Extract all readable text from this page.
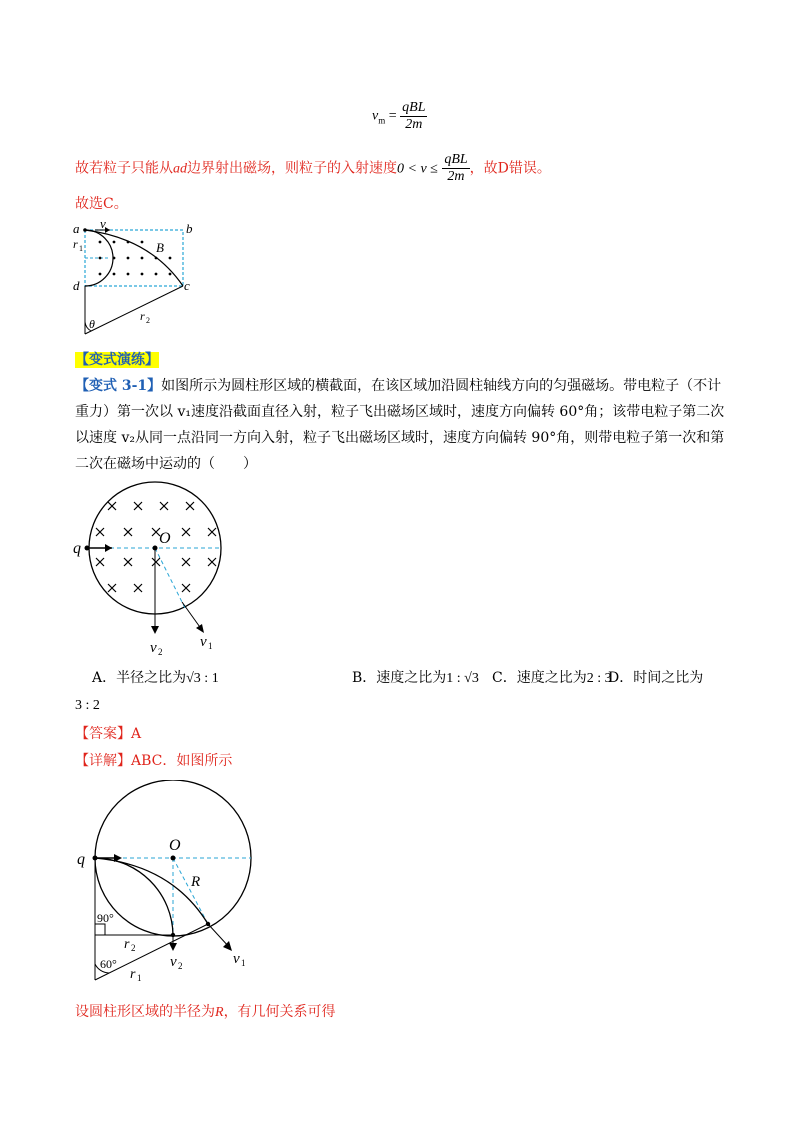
$v_m = \frac{\text{qBL}}{2m}$
故若粒子只能从ad边界射出磁场，则粒子的入射速度$0 < v \le \frac{\text{qBL}}{2m}$ ，故D错误。
故选C。
a	b
c
d
v
B
r 1
r 2
θ
【变式演练】
【变式 3-1】如图所示为圆柱形区域的横截面，在该区域加沿圆柱轴线方向的匀强磁场。带电粒子（不计
重力）第一次以 v₁速度沿截面直径入射，粒子飞出磁场区域时，速度方向偏转 60°角；该带电粒子第二次
以速度 v₂从同一点沿同一方向入射，粒子飞出磁场区域时，速度方向偏转 90°角，则带电粒子第一次和第
二次在磁场中运动的（　　）
q
O
v 2
v 1
A．半径之比为√3 : 1	B．速度之比为1 : √3 C．速度之比为2 : 3
D．时间之比为
3 : 2
【答案】A
【详解】ABC．如图所示
q
O
R
90°
60°
r 2
r 1
v 2	v 1
设圆柱形区域的半径为R，有几何关系可得
